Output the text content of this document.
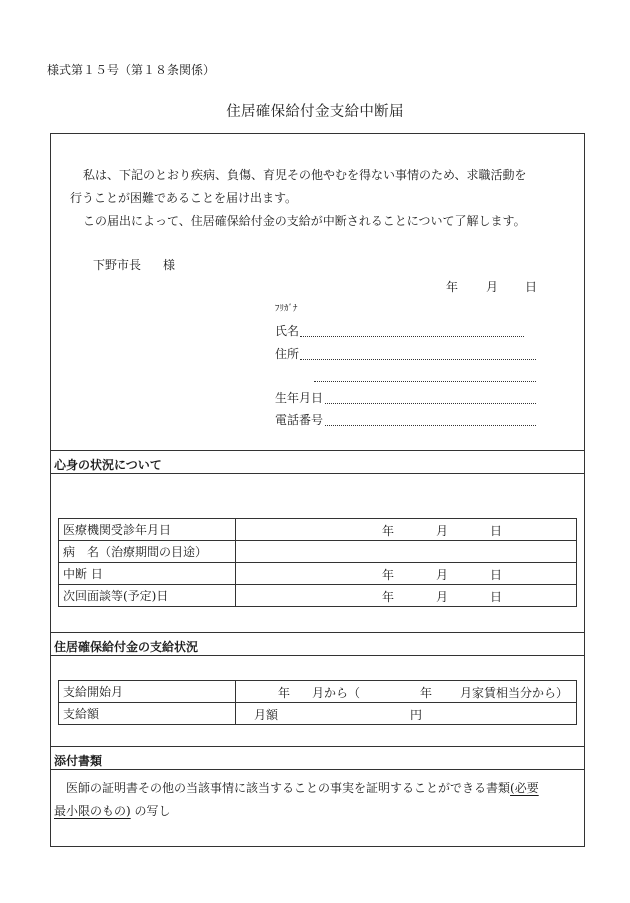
様式第１５号（第１８条関係）
住居確保給付金支給中断届
私は、下記のとおり疾病、負傷、育児その他やむを得ない事情のため、求職活動を
行うことが困難であることを届け出ます。
この届出によって、住居確保給付金の支給が中断されることについて了解します。
下野市長 様
年 月 日
ﾌﾘｶﾞﾅ
氏名
住所
生年月日
電話番号
心身の状況について
医療機関受診年月日	年 月 日

病　名（治療期間の目途）	
中断 日	年 月 日

次回面談等(予定)日	年 月 日
住居確保給付金の支給状況
支給開始月	年 月から（ 年 月家賃相当分から）

支給額	月額 円
添付書類
医師の証明書その他の当該事情に該当することの事実を証明することができる書類(必要
最小限のもの) の写し
